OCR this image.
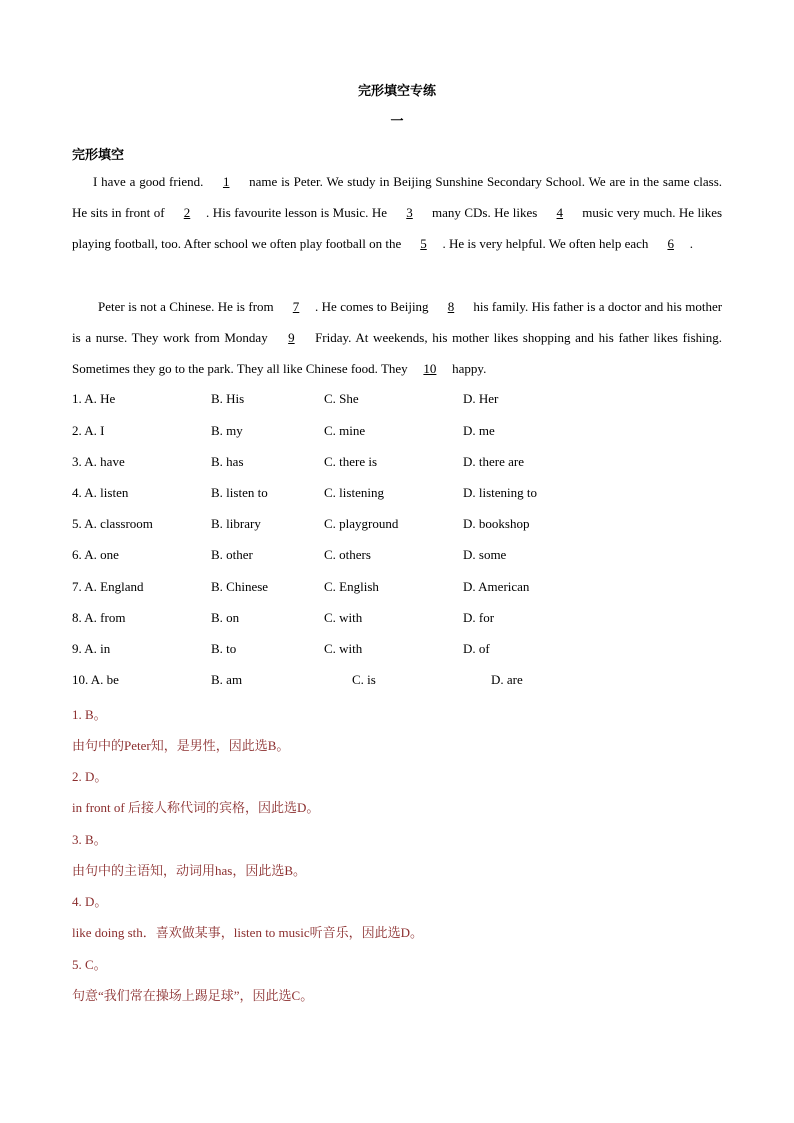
完形填空专练
一
完形填空
I have a good friend. 1 name is Peter. We study in Beijing Sunshine Secondary School. We are in the same class. He sits in front of 2 . His favourite lesson is Music. He 3 many CDs. He likes 4 music very much. He likes playing football, too. After school we often play football on the 5 . He is very helpful. We often help each 6 .
Peter is not a Chinese. He is from 7 . He comes to Beijing 8 his family. His father is a doctor and his mother is a nurse. They work from Monday 9 Friday. At weekends, his mother likes shopping and his father likes fishing. Sometimes they go to the park. They all like Chinese food. They 10 happy.
1. A. He	B. His	C. She	D. Her
2. A. I	B. my	C. mine	D. me
3. A. have	B. has	C. there is	D. there are
4. A. listen	B. listen to	C. listening	D. listening to
5. A. classroom	B. library	C. playground	D. bookshop
6. A. one	B. other	C. others	D. some
7. A. England	B. Chinese	C. English	D. American
8. A. from	B. on	C. with	D. for
9. A. in	B. to	C. with	D. of
10. A. be	B. am	C. is	D. are
1. B。
由句中的Peter知，是男性，因此选B。
2. D。
in front of 后接人称代词的宾格，因此选D。
3. B。
由句中的主语知，动词用has，因此选B。
4. D。
like doing sth．喜欢做某事，listen to music听音乐，因此选D。
5. C。
句意“我们常在操场上踢足球”，因此选C。
